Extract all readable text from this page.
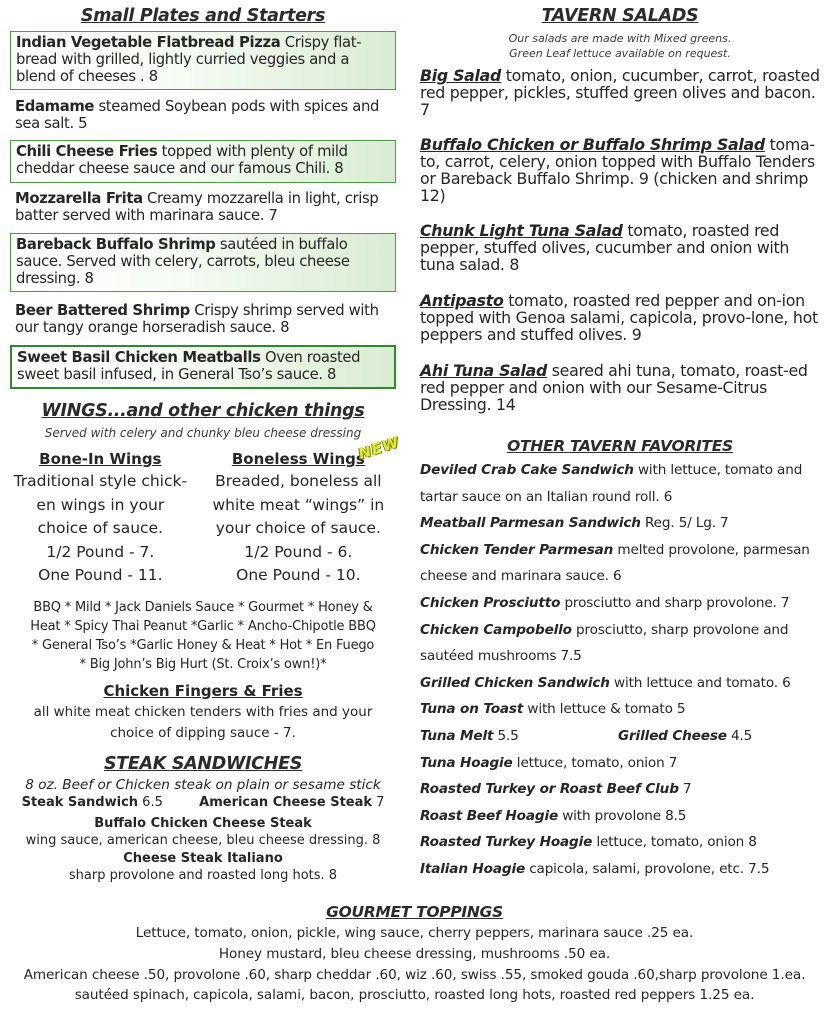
Small Plates and Starters
Indian Vegetable Flatbread Pizza Crispy flat-bread with grilled, lightly curried veggies and a blend of cheeses . 8
Edamame steamed Soybean pods with spices and sea salt. 5
Chili Cheese Fries topped with plenty of mild cheddar cheese sauce and our famous Chili. 8
Mozzarella Frita Creamy mozzarella in light, crisp batter served with marinara sauce. 7
Bareback Buffalo Shrimp sautéed in buffalo sauce. Served with celery, carrots, bleu cheese dressing. 8
Beer Battered Shrimp Crispy shrimp served with our tangy orange horseradish sauce. 8
Sweet Basil Chicken Meatballs Oven roasted sweet basil infused, in General Tso’s sauce. 8
WINGS...and other chicken things
Served with celery and chunky bleu cheese dressing
Bone-In Wings
Traditional style chick-
en wings in your
choice of sauce.
1/2 Pound - 7.
One Pound - 11.
Boneless Wings
Breaded, boneless all
white meat “wings” in
your choice of sauce.
1/2 Pound - 6.
One Pound - 10.
BBQ * Mild * Jack Daniels Sauce * Gourmet * Honey &
Heat * Spicy Thai Peanut *Garlic * Ancho-Chipotle BBQ
* General Tso’s *Garlic Honey & Heat * Hot * En Fuego
* Big John’s Big Hurt (St. Croix’s own!)*
Chicken Fingers & Fries
all white meat chicken tenders with fries and your
choice of dipping sauce - 7.
STEAK SANDWICHES
8 oz. Beef or Chicken steak on plain or sesame stick
Steak Sandwich 6.5	American Cheese Steak 7
Buffalo Chicken Cheese Steak
wing sauce, american cheese, bleu cheese dressing. 8
Cheese Steak Italiano
sharp provolone and roasted long hots. 8
NEW
TAVERN SALADS
Our salads are made with Mixed greens.
Green Leaf lettuce available on request.
Big Salad tomato, onion, cucumber, carrot, roasted red pepper, pickles, stuffed green olives and bacon. 7
Buffalo Chicken or Buffalo Shrimp Salad toma-to, carrot, celery, onion topped with Buffalo Tenders or Bareback Buffalo Shrimp. 9 (chicken and shrimp 12)
Chunk Light Tuna Salad tomato, roasted red pepper, stuffed olives, cucumber and onion with tuna salad. 8
Antipasto tomato, roasted red pepper and on-ion topped with Genoa salami, capicola, provo-lone, hot peppers and stuffed olives. 9
Ahi Tuna Salad seared ahi tuna, tomato, roast-ed red pepper and onion with our Sesame-Citrus Dressing. 14
OTHER TAVERN FAVORITES
Deviled Crab Cake Sandwich with lettuce, tomato and tartar sauce on an Italian round roll. 6
Meatball Parmesan Sandwich Reg. 5/ Lg. 7
Chicken Tender Parmesan melted provolone, parmesan cheese and marinara sauce. 6
Chicken Prosciutto prosciutto and sharp provolone. 7
Chicken Campobello prosciutto, sharp provolone and sautéed mushrooms 7.5
Grilled Chicken Sandwich with lettuce and tomato. 6
Tuna on Toast with lettuce & tomato 5
Tuna Melt 5.5	Grilled Cheese 4.5
Tuna Hoagie lettuce, tomato, onion 7
Roasted Turkey or Roast Beef Club 7
Roast Beef Hoagie with provolone 8.5
Roasted Turkey Hoagie lettuce, tomato, onion 8
Italian Hoagie capicola, salami, provolone, etc. 7.5
GOURMET TOPPINGS
Lettuce, tomato, onion, pickle, wing sauce, cherry peppers, marinara sauce .25 ea.
Honey mustard, bleu cheese dressing, mushrooms .50 ea.
American cheese .50, provolone .60, sharp cheddar .60, wiz .60, swiss .55, smoked gouda .60,sharp provolone 1.ea.
sautéed spinach, capicola, salami, bacon, prosciutto, roasted long hots, roasted red peppers 1.25 ea.
